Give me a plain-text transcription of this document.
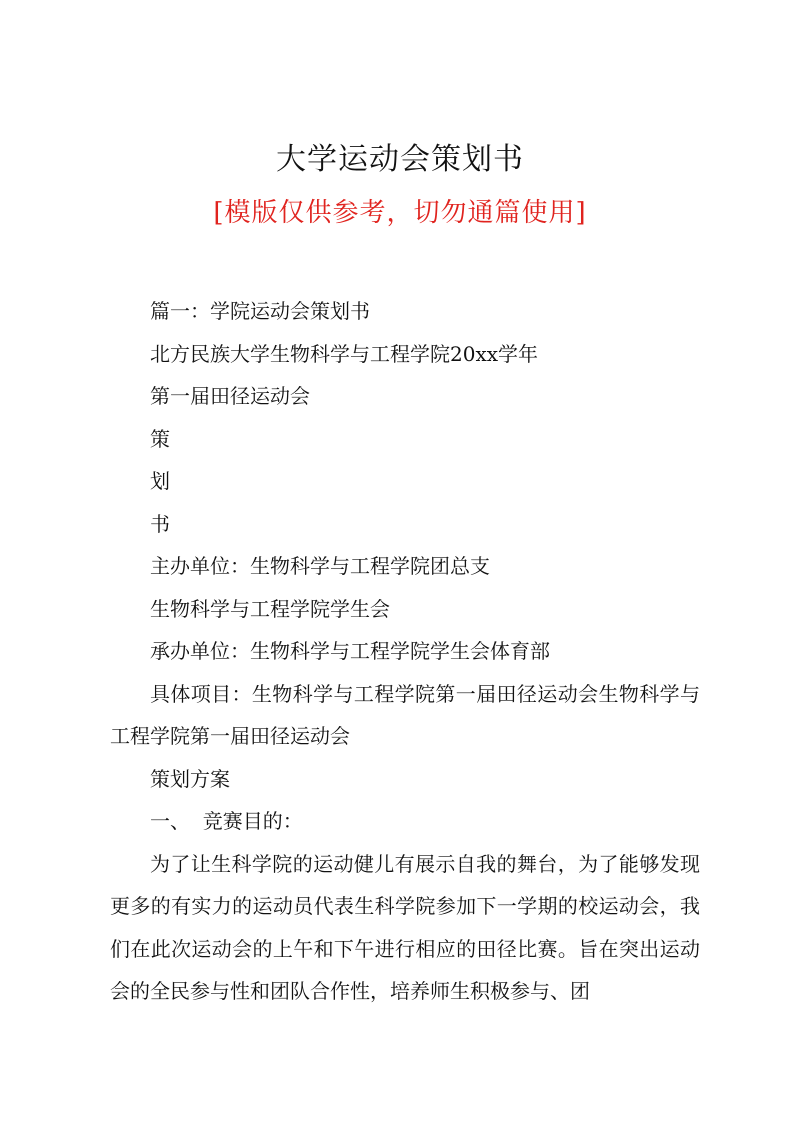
大学运动会策划书
[模版仅供参考，切勿通篇使用]

篇一：学院运动会策划书

北方民族大学生物科学与工程学院20xx学年

第一届田径运动会

策

划

书

主办单位：生物科学与工程学院团总支

生物科学与工程学院学生会

承办单位：生物科学与工程学院学生会体育部

具体项目：生物科学与工程学院第一届田径运动会生物科学与工程学院第一届田径运动会

策划方案

一、  竞赛目的：

为了让生科学院的运动健儿有展示自我的舞台，为了能够发现更多的有实力的运动员代表生科学院参加下一学期的校运动会，我们在此次运动会的上午和下午进行相应的田径比赛。旨在突出运动会的全民参与性和团队合作性，培养师生积极参与、团
